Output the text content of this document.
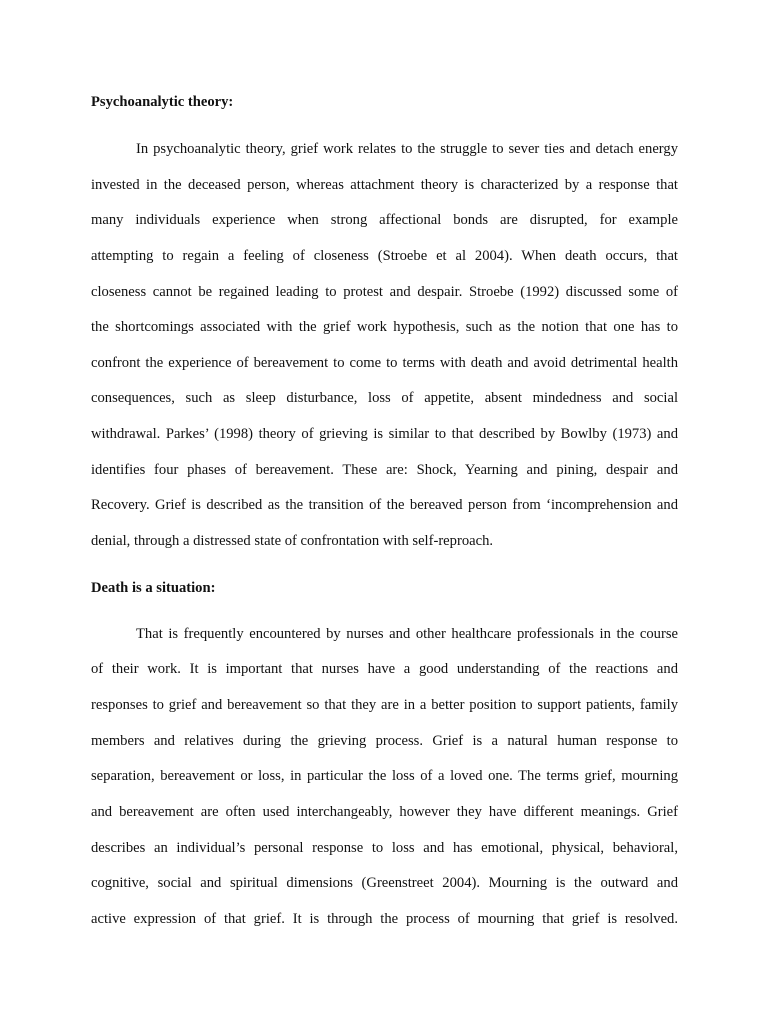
Psychoanalytic theory:
In psychoanalytic theory, grief work relates to the struggle to sever ties and detach energy
invested in the deceased person, whereas attachment theory is characterized by a response that
many individuals experience when strong affectional bonds are disrupted, for example
attempting to regain a feeling of closeness (Stroebe et al 2004). When death occurs, that
closeness cannot be regained leading to protest and despair. Stroebe (1992) discussed some of
the shortcomings associated with the grief work hypothesis, such as the notion that one has to
confront the experience of bereavement to come to terms with death and avoid detrimental health
consequences, such as sleep disturbance, loss of appetite, absent mindedness and social
withdrawal. Parkes’ (1998) theory of grieving is similar to that described by Bowlby (1973) and
identifies four phases of bereavement. These are: Shock, Yearning and pining, despair and
Recovery. Grief is described as the transition of the bereaved person from ‘incomprehension and
denial, through a distressed state of confrontation with self-reproach.
Death is a situation:
That is frequently encountered by nurses and other healthcare professionals in the course
of their work. It is important that nurses have a good understanding of the reactions and
responses to grief and bereavement so that they are in a better position to support patients, family
members and relatives during the grieving process. Grief is a natural human response to
separation, bereavement or loss, in particular the loss of a loved one. The terms grief, mourning
and bereavement are often used interchangeably, however they have different meanings. Grief
describes an individual’s personal response to loss and has emotional, physical, behavioral,
cognitive, social and spiritual dimensions (Greenstreet 2004). Mourning is the outward and
active expression of that grief. It is through the process of mourning that grief is resolved.
